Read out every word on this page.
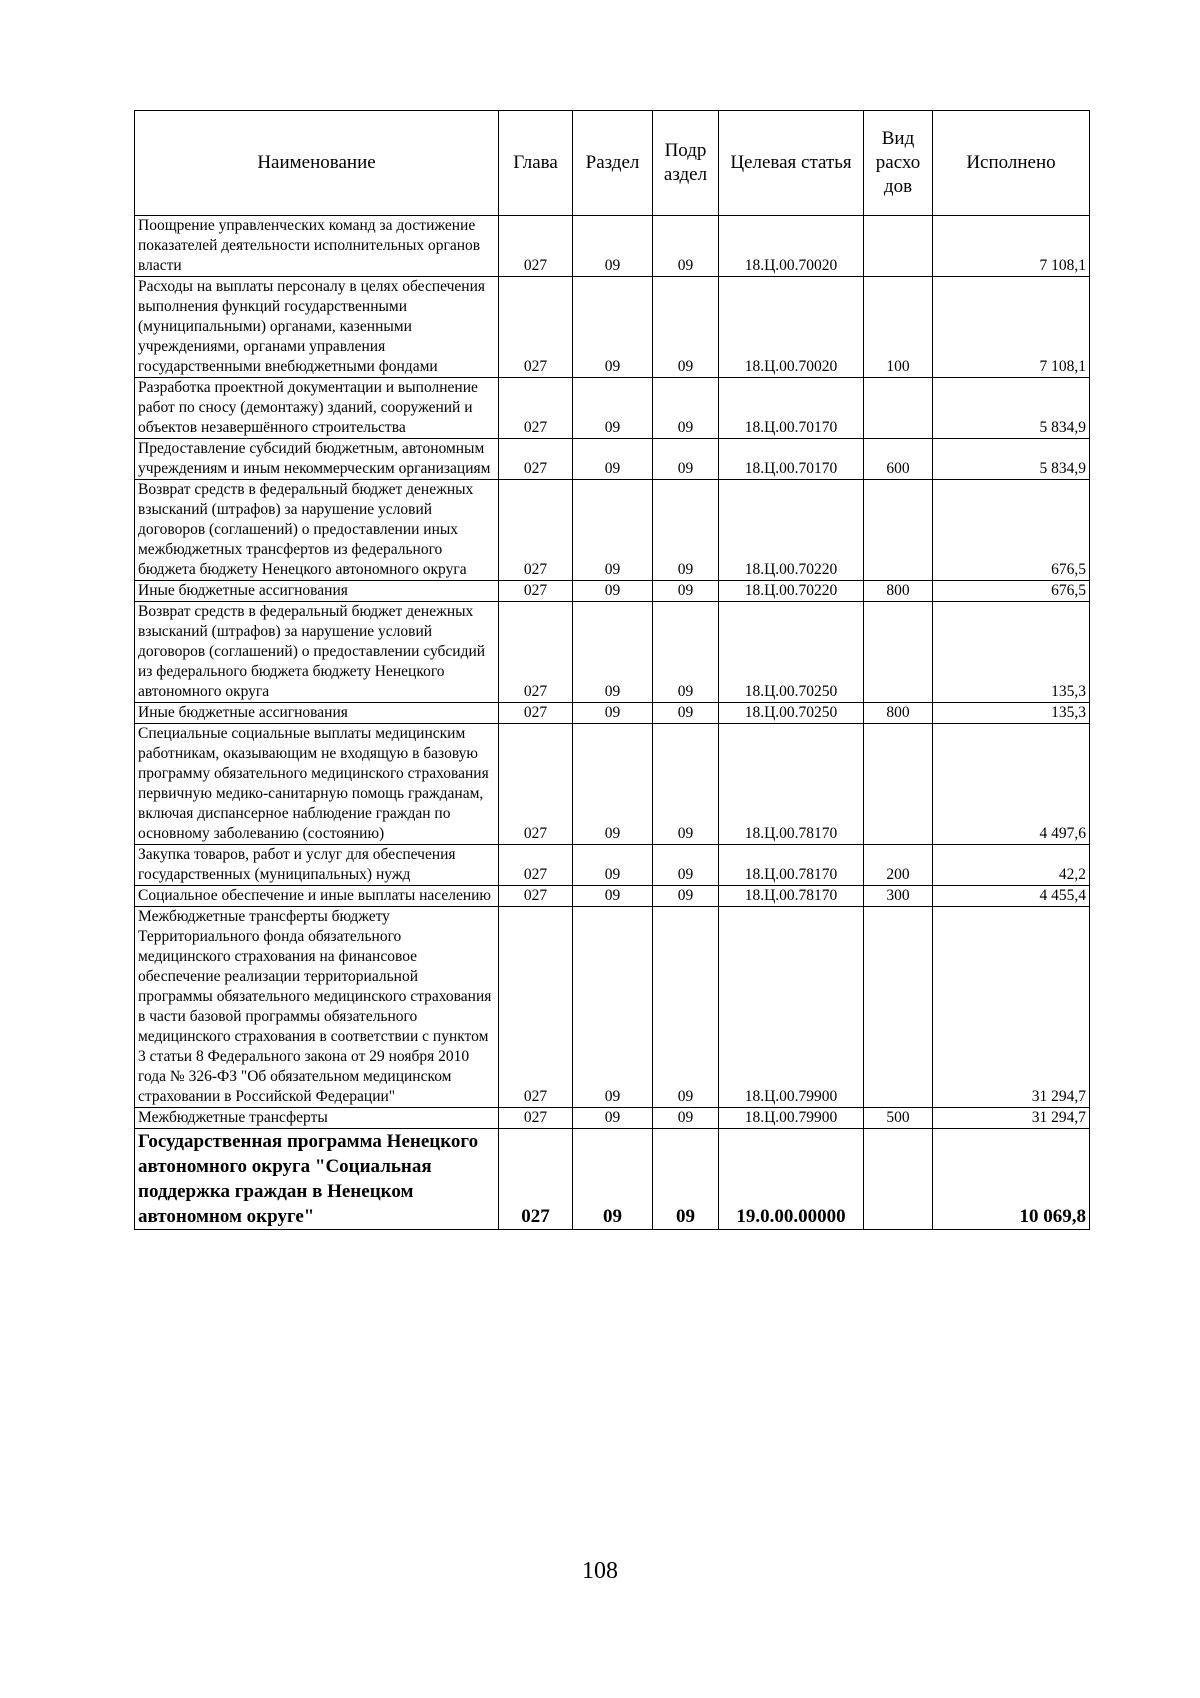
Наименование	Глава	Раздел	Подр аздел	Целевая статья	Вид расхо дов	Исполнено
Поощрение управленческих команд за достижение показателей деятельности исполнительных органов власти	027	09	09	18.Ц.00.70020		7 108,1
Расходы на выплаты персоналу в целях обеспечения выполнения функций государственными (муниципальными) органами, казенными учреждениями, органами управления государственными внебюджетными фондами	027	09	09	18.Ц.00.70020	100	7 108,1
Разработка проектной документации и выполнение работ по сносу (демонтажу) зданий, сооружений и объектов незавершённого строительства	027	09	09	18.Ц.00.70170		5 834,9
Предоставление субсидий бюджетным, автономным учреждениям и иным некоммерческим организациям	027	09	09	18.Ц.00.70170	600	5 834,9
Возврат средств в федеральный бюджет денежных взысканий (штрафов) за нарушение условий договоров (соглашений) о предоставлении иных межбюджетных трансфертов из федерального бюджета бюджету Ненецкого автономного округа	027	09	09	18.Ц.00.70220		676,5
Иные бюджетные ассигнования	027	09	09	18.Ц.00.70220	800	676,5
Возврат средств в федеральный бюджет денежных взысканий (штрафов) за нарушение условий договоров (соглашений) о предоставлении субсидий из федерального бюджета бюджету Ненецкого автономного округа	027	09	09	18.Ц.00.70250		135,3
Иные бюджетные ассигнования	027	09	09	18.Ц.00.70250	800	135,3
Специальные социальные выплаты медицинским работникам, оказывающим не входящую в базовую программу обязательного медицинского страхования первичную медико-санитарную помощь гражданам, включая диспансерное наблюдение граждан по основному заболеванию (состоянию)	027	09	09	18.Ц.00.78170		4 497,6
Закупка товаров, работ и услуг для обеспечения государственных (муниципальных) нужд	027	09	09	18.Ц.00.78170	200	42,2
Социальное обеспечение и иные выплаты населению	027	09	09	18.Ц.00.78170	300	4 455,4
Межбюджетные трансферты бюджету Территориального фонда обязательного медицинского страхования на финансовое обеспечение реализации территориальной программы обязательного медицинского страхования в части базовой программы обязательного медицинского страхования в соответствии с пунктом 3 статьи 8 Федерального закона от 29 ноября 2010 года № 326-ФЗ "Об обязательном медицинском страховании в Российской Федерации"	027	09	09	18.Ц.00.79900		31 294,7
Межбюджетные трансферты	027	09	09	18.Ц.00.79900	500	31 294,7
Государственная программа Ненецкого автономного округа "Социальная поддержка граждан в Ненецком автономном округе"	027	09	09	19.0.00.00000		10 069,8
108
